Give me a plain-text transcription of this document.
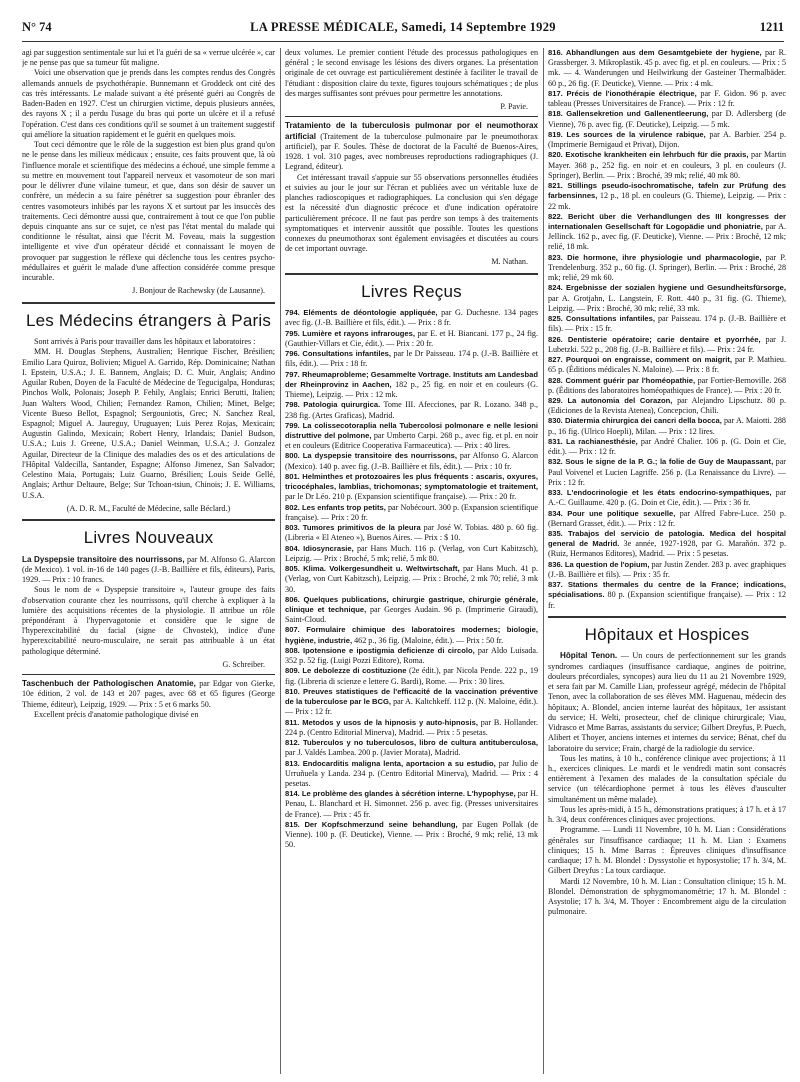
N° 74	LA PRESSE MÉDICALE, Samedi, 14 Septembre 1929	1211

agi par suggestion sentimentale sur lui et l'a guéri de sa « verrue ulcérée », car je ne pense pas que sa tumeur fût maligne.

Voici une observation que je prends dans les comptes rendus des Congrès allemands annuels de psychothérapie. Bunnemann et Groddeck ont cité des cas très intéressants. Le malade suivant a été présenté guéri au Congrès de Baden-Baden en 1927. C'est un chirurgien victime, depuis plusieurs années, des rayons X ; il a perdu l'usage du bras qui porte un ulcère et il a refusé l'opération. C'est dans ces conditions qu'il se soumet à un traitement suggestif qui améliore la situation rapidement et le guérit en quelques mois.

Tout ceci démontre que le rôle de la suggestion est bien plus grand qu'on ne le pense dans les milieux médicaux ; ensuite, ces faits prouvent que, là où l'influence morale et scientifique des médecins a échoué, une simple femme a su mettre en mouvement tout l'appareil nerveux et vasomoteur de son mari pour le délivrer d'une vilaine tumeur, et que, dans son désir de sauver un confrère, un médecin a su faire pénétrer sa suggestion pour ébranler des centres vasomoteurs inhibés par les rayons X et surtout par les insuccès des traitements. Ceci démontre aussi que, contrairement à tout ce que l'on publie depuis cinquante ans sur ce sujet, ce n'est pas l'état mental du malade qui conditionne le résultat, ainsi que l'écrit M. Foveau, mais la suggestion intelligente et vive d'un opérateur décidé et connaissant le moyen de provoquer par suggestion le réflexe qui déclenche tous les centres psycho-médullaires et guérit le malade d'une affection considérée comme presque incurable.

J. Bonjour de Rachewsky (de Lausanne).

Les Médecins étrangers à Paris

Sont arrivés à Paris pour travailler dans les hôpitaux et laboratoires :

MM. H. Douglas Stephens, Australien; Henrique Fischer, Brésilien; Emilio Lara Quiroz, Bolivien; Miguel A. Garrido, Rép. Dominicaine; Nathan I. Epstein, U.S.A.; J. E. Bannem, Anglais; D. C. Muir, Anglais; Andino Aguilar Ruben, Doyen de la Faculté de Médecine de Tegucigalpa, Honduras; Pinchos Wolk, Polonais; Joseph P. Fehily, Anglais; Enrici Berutti, Italien; Juan Walters Wood, Chilien; Fernandez Ramon, Chilien; Minet, Belge; Vicente Bueso Bellot, Espagnol; Sergouniotis, Grec; N. Sanchez Real, Espagnol; Miguel A. Jaureguy, Uruguayen; Luis Perez Rojas, Mexicain; Augustin Galindo, Mexicain; Robert Henry, Irlandais; Daniel Budson, U.S.A.; Luis J. Greene, U.S.A.; Daniel Weinman, U.S.A.; J. Gonzalez Aguilar, Directeur de la Clinique des maladies des os et des articulations de l'Hôpital Valdecilla, Santander, Espagne; Alfonso Jimenez, San Salvador; Celestino Maia, Portugais; Luiz Guarno, Brésilien; Louis Seide Gellé, Anglais; Arthur Deltaure, Belge; Sur Tchoan-tsiun, Chinois; J. E. Williams, U.S.A.

(A. D. R. M., Faculté de Médecine, salle Béclard.)

Livres Nouveaux

La Dyspepsie transitoire des nourrissons, par M. Alfonso G. Alarcon (de Mexico). 1 vol. in-16 de 140 pages (J.-B. Baillière et fils, éditeurs), Paris, 1929. — Prix : 10 francs.

Sous le nom de « Dyspepsie transitoire », l'auteur groupe des faits d'observation courante chez les nourrissons, qu'il cherche à expliquer à la lumière des acquisitions récentes de la physiologie. Il attribue un rôle prépondérant à l'hypervagotonie et considère que le signe de l'hyperexcitabilité du facial (signe de Chvostek), indice d'une hyperexcitabilité neuro-musculaire, ne serait pas attribuable à un état pathologique déterminé.

G. Schreiber.

Taschenbuch der Pathologischen Anatomie, par Edgar von Gierke, 10e édition, 2 vol. de 143 et 207 pages, avec 68 et 65 figures (George Thieme, éditeur), Leipzig, 1929. — Prix : 5 et 6 marks 50.

Excellent précis d'anatomie pathologique divisé en

deux volumes. Le premier contient l'étude des processus pathologiques en général ; le second envisage les lésions des divers organes. La présentation originale de cet ouvrage est particulièrement destinée à faciliter le travail de l'étudiant : disposition claire du texte, figures toujours schématiques ; de plus des marges suffisantes sont prévues pour permettre les annotations.

P. Pavie.

Tratamiento de la tuberculosis pulmonar por el neumothorax artificial (Traitement de la tuberculose pulmonaire par le pneumothorax artificiel), par F. Soules. Thèse de doctorat de la Faculté de Buenos-Aires, 1928. 1 vol. 310 pages, avec nombreuses reproductions radiographiques (J. Legrand, éditeur).

Cet intéressant travail s'appuie sur 55 observations personnelles étudiées et suivies au jour le jour sur l'écran et publiées avec un véritable luxe de planches radioscopiques et radiographiques. La conclusion qui s'en dégage est la nécessité d'un diagnostic précoce et d'une indication opératoire particulièrement précoce. Il ne faut pas perdre son temps à des traitements symptomatiques et intervenir aussitôt que possible. Toutes les questions connexes du pneumothorax sont également envisagées et discutées au cours de cet important ouvrage.

M. Nathan.

Livres Reçus

794. Eléments de déontologie appliquée, par G. Duchesne. 134 pages avec fig. (J.-B. Baillière et fils, édit.). — Prix : 8 fr.

795. Lumière et rayons infrarouges, par E. et H. Biancani. 177 p., 24 fig. (Gauthier-Villars et Cie, édit.). — Prix : 20 fr.

796. Consultations infantiles, par le Dr Paisseau. 174 p. (J.-B. Baillière et fils, édit.). — Prix : 18 fr.

797. Rheumaprobleme; Gesammelte Vortrage. Instituts am Landesbad der Rheinprovinz in Aachen, 182 p., 25 fig. en noir et en couleurs (G. Thieme), Leipzig. — Prix : 12 mk.

798. Patologia quirurgica. Tome III. Afecciones, par R. Lozano. 348 p., 238 fig. (Artes Graficas), Madrid.

799. La colissecotoraplia nella Tubercolosi polmonare e nelle lesioni distruttive del polmone, par Umberto Carpi. 268 p., avec fig. et pl. en noir et en couleurs (Editrice Cooperativa Farmaceutica). — Prix : 40 lires.

800. La dyspepsie transitoire des nourrissons, par Alfonso G. Alarcon (Mexico). 140 p. avec fig. (J.-B. Baillière et fils, édit.). — Prix : 10 fr.

801. Helminthes et protozoaires les plus fréquents : ascaris, oxyures, tricocéphales, lamblias, trichomonas; symptomatologie et traitement, par le Dr Léo. 210 p. (Expansion scientifique française). — Prix : 20 fr.

802. Les enfants trop petits, par Nobécourt. 300 p. (Expansion scientifique française). — Prix : 20 fr.

803. Tumores primitivos de la pleura par José W. Tobias. 480 p. 60 fig. (Libreria « El Ateneo »), Buenos Aires. — Prix : $ 10.

804. Idiosyncrasie, par Hans Much. 116 p. (Verlag, von Curt Kabitzsch), Leipzig. — Prix : Broché, 5 mk; relié, 5 mk 80.

805. Klima. Volkergesundheit u. Weltwirtschaft, par Hans Much. 41 p. (Verlag, von Curt Kabitzsch), Leipzig. — Prix : Broché, 2 mk 70; relié, 3 mk 30.

806. Quelques publications, chirurgie gastrique, chirurgie générale, clinique et technique, par Georges Audain. 96 p. (Imprimerie Giraudi), Saint-Cloud.

807. Formulaire chimique des laboratoires modernes; biologie, hygiène, industrie, 462 p., 36 fig. (Maloine, édit.). — Prix : 50 fr.

808. Ipotensione e ipostigmia deficienze di circolo, par Aldo Luisada. 352 p. 52 fig. (Luigi Pozzi Editore), Roma.

809. Le debolezze di costituzione (2e édit.), par Nicola Pende. 222 p., 19 fig. (Libreria di scienze e lettere G. Bardi), Rome. — Prix : 30 lires.

810. Preuves statistiques de l'efficacité de la vaccination préventive de la tuberculose par le BCG, par A. Kaltchkeff. 112 p. (N. Maloine, édit.). — Prix : 12 fr.

811. Metodos y usos de la hipnosis y auto-hipnosis, par B. Hollander. 224 p. (Centro Editorial Minerva), Madrid. — Prix : 5 pesetas.

812. Tuberculos y no tuberculosos, libro de cultura antituberculosa, par J. Valdés Lambea. 200 p. (Javier Morata), Madrid.

813. Endocarditis maligna lenta, aportacion a su estudio, par Julio de Urruñuela y Landa. 234 p. (Centro Editorial Minerva), Madrid. — Prix : 4 pesetas.

814. Le problème des glandes à sécrétion interne. L'hypophyse, par H. Penau, L. Blanchard et H. Simonnet. 256 p. avec fig. (Presses universitaires de France). — Prix : 45 fr.

815. Der Kopfschmerzund seine behandlung, par Eugen Pollak (de Vienne). 100 p. (F. Deuticke), Vienne. — Prix : Broché, 9 mk; relié, 13 mk 50.

816. Abhandlungen aus dem Gesamtgebiete der hygiene, par R. Grassberger. 3. Mikroplastik. 45 p. avec fig. et pl. en couleurs. — Prix : 5 mk. — 4. Wanderungen und Heilwirkung der Gasteiner Thermalbäder. 60 p., 26 fig. (F. Deuticke), Vienne. — Prix : 4 mk.

817. Précis de l'ionothérapie électrique, par F. Gidon. 96 p. avec tableau (Presses Universitaires de France). — Prix : 12 fr.

818. Gallensekretion und Gallenentleerung, par D. Adlersberg (de Vienne), 76 p. avec fig. (F. Deuticke), Leipzig. — 5 mk.

819. Les sources de la virulence rabique, par A. Barbier. 254 p. (Imprimerie Bernigaud et Privat), Dijon.

820. Exotische krankheiten ein lehrbuch für die praxis, par Martin Mayer. 368 p., 252 fig. en noir et en couleurs, 3 pl. en couleurs (J. Springer), Berlin. — Prix : Broché, 39 mk; relié, 40 mk 80.

821. Stillings pseudo-isochromatische, tafeln zur Prüfung des farbensinnes, 12 p., 18 pl. en couleurs (G. Thieme), Leipzig. — Prix : 22 mk.

822. Bericht über die Verhandlungen des III kongresses der internationalen Gesellschaft für Logopädie und phoniatrie, par A. Jellinck. 162 p., avec fig. (F. Deuticke), Vienne. — Prix : Broché, 12 mk; relié, 18 mk.

823. Die hormone, ihre physiologie und pharmacologie, par P. Trendelenburg. 352 p., 60 fig. (J. Springer), Berlin. — Prix : Broché, 28 mk; relié, 29 mk 60.

824. Ergebnisse der sozialen hygiene und Gesundheitsfürsorge, par A. Grotjahn, L. Langstein, F. Rott. 440 p., 31 fig. (G. Thieme), Leipzig. — Prix : Broché, 30 mk; relié, 33 mk.

825. Consultations infantiles, par Paisseau. 174 p. (J.-B. Baillière et fils). — Prix : 15 fr.

826. Dentisterie opératoire; carie dentaire et pyorrhée, par J. Lubetzki. 522 p., 208 fig. (J.-B. Baillière et fils). — Prix : 24 fr.

827. Pourquoi on engraisse, comment on maigrit, par P. Mathieu. 65 p. (Éditions médicales N. Maloine). — Prix : 8 fr.

828. Comment guérir par l'homéopathie, par Fortier-Bernoville. 268 p. (Éditions des laboratoires homéopathiques de France). — Prix : 20 fr.

829. La autonomia del Corazon, par Alejandro Lipschutz. 80 p. (Ediciones de la Revista Atenea), Concepcion, Chili.

830. Diatermia chirurgica dei cancri della bocca, par A. Maiotti. 288 p., 16 fig. (Ulrico Hoepli), Milan. — Prix : 12 lires.

831. La rachianesthésie, par André Chalier. 106 p. (G. Doin et Cie, édit.). — Prix : 12 fr.

832. Sous le signe de la P. G.; la folie de Guy de Maupassant, par Paul Voivenel et Lucien Lagriffe. 256 p. (La Renaissance du Livre). — Prix : 12 fr.

833. L'endocrinologie et les états endocrino-sympathiques, par A.-C. Guillaume. 420 p. (G. Doin et Cie, édit.). — Prix : 36 fr.

834. Pour une politique sexuelle, par Alfred Fabre-Luce. 250 p. (Bernard Grasset, édit.). — Prix : 12 fr.

835. Trabajos del servicio de patologia. Medica del hospital general de Madrid. 3e année, 1927-1928, par G. Marañón. 372 p. (Ruiz, Hermanos Editores), Madrid. — Prix : 5 pesetas.

836. La question de l'opium, par Justin Zender. 283 p. avec graphiques (J.-B. Baillière et fils). — Prix : 35 fr.

837. Stations thermales du centre de la France; indications, spécialisations. 80 p. (Expansion scientifique française). — Prix : 12 fr.

Hôpitaux et Hospices

Hôpital Tenon. — Un cours de perfectionnement sur les grands syndromes cardiaques (insuffisance cardiaque, angines de poitrine, douleurs précordiales, syncopes) aura lieu du 11 au 21 Novembre 1929, et sera fait par M. Camille Lian, professeur agrégé, médecin de l'hôpital Tenon, avec la collaboration de ses élèves MM. Haguenau, médecin des hôpitaux; A. Blondel, ancien interne lauréat des hôpitaux, 1er assistant du service; H. Welti, prosecteur, chef de clinique chirurgicale; Viau, Vidrasco et Mme Barras, assistants du service; Gilbert Dreyfus, P. Puech, Alibert et Thoyer, anciens internes et internes du service; Bénat, chef du laboratoire du service; Frain, chargé de la radiologie du service.

Tous les matins, à 10 h., conférence clinique avec projections; à 11 h., exercices cliniques. Le mardi et le vendredi matin sont consacrés entièrement à l'examen des malades de la consultation spéciale du service (un télécardiophone permet à tous les élèves d'ausculter simultanément un même malade).

Tous les après-midi, à 15 h., démonstrations pratiques; à 17 h. et à 17 h. 3/4, deux conférences cliniques avec projections.

Programme. — Lundi 11 Novembre, 10 h. M. Lian : Considérations générales sur l'insuffisance cardiaque; 11 h. M. Lian : Examens cliniques; 15 h. Mme Barras : Épreuves cliniques d'insuffisance cardiaque; 17 h. M. Blondel : Dyssystolie et hyposystolie; 17 h. 3/4, M. Gilbert Dreyfus : La toux cardiaque.

Mardi 12 Novembre, 10 h. M. Lian : Consultation clinique; 15 h. M. Blondel. Démonstration de sphygmomanométrie; 17 h. M. Blondel : Asystolie; 17 h. 3/4, M. Thoyer : Encombrement aigu de la circulation pulmonaire.
